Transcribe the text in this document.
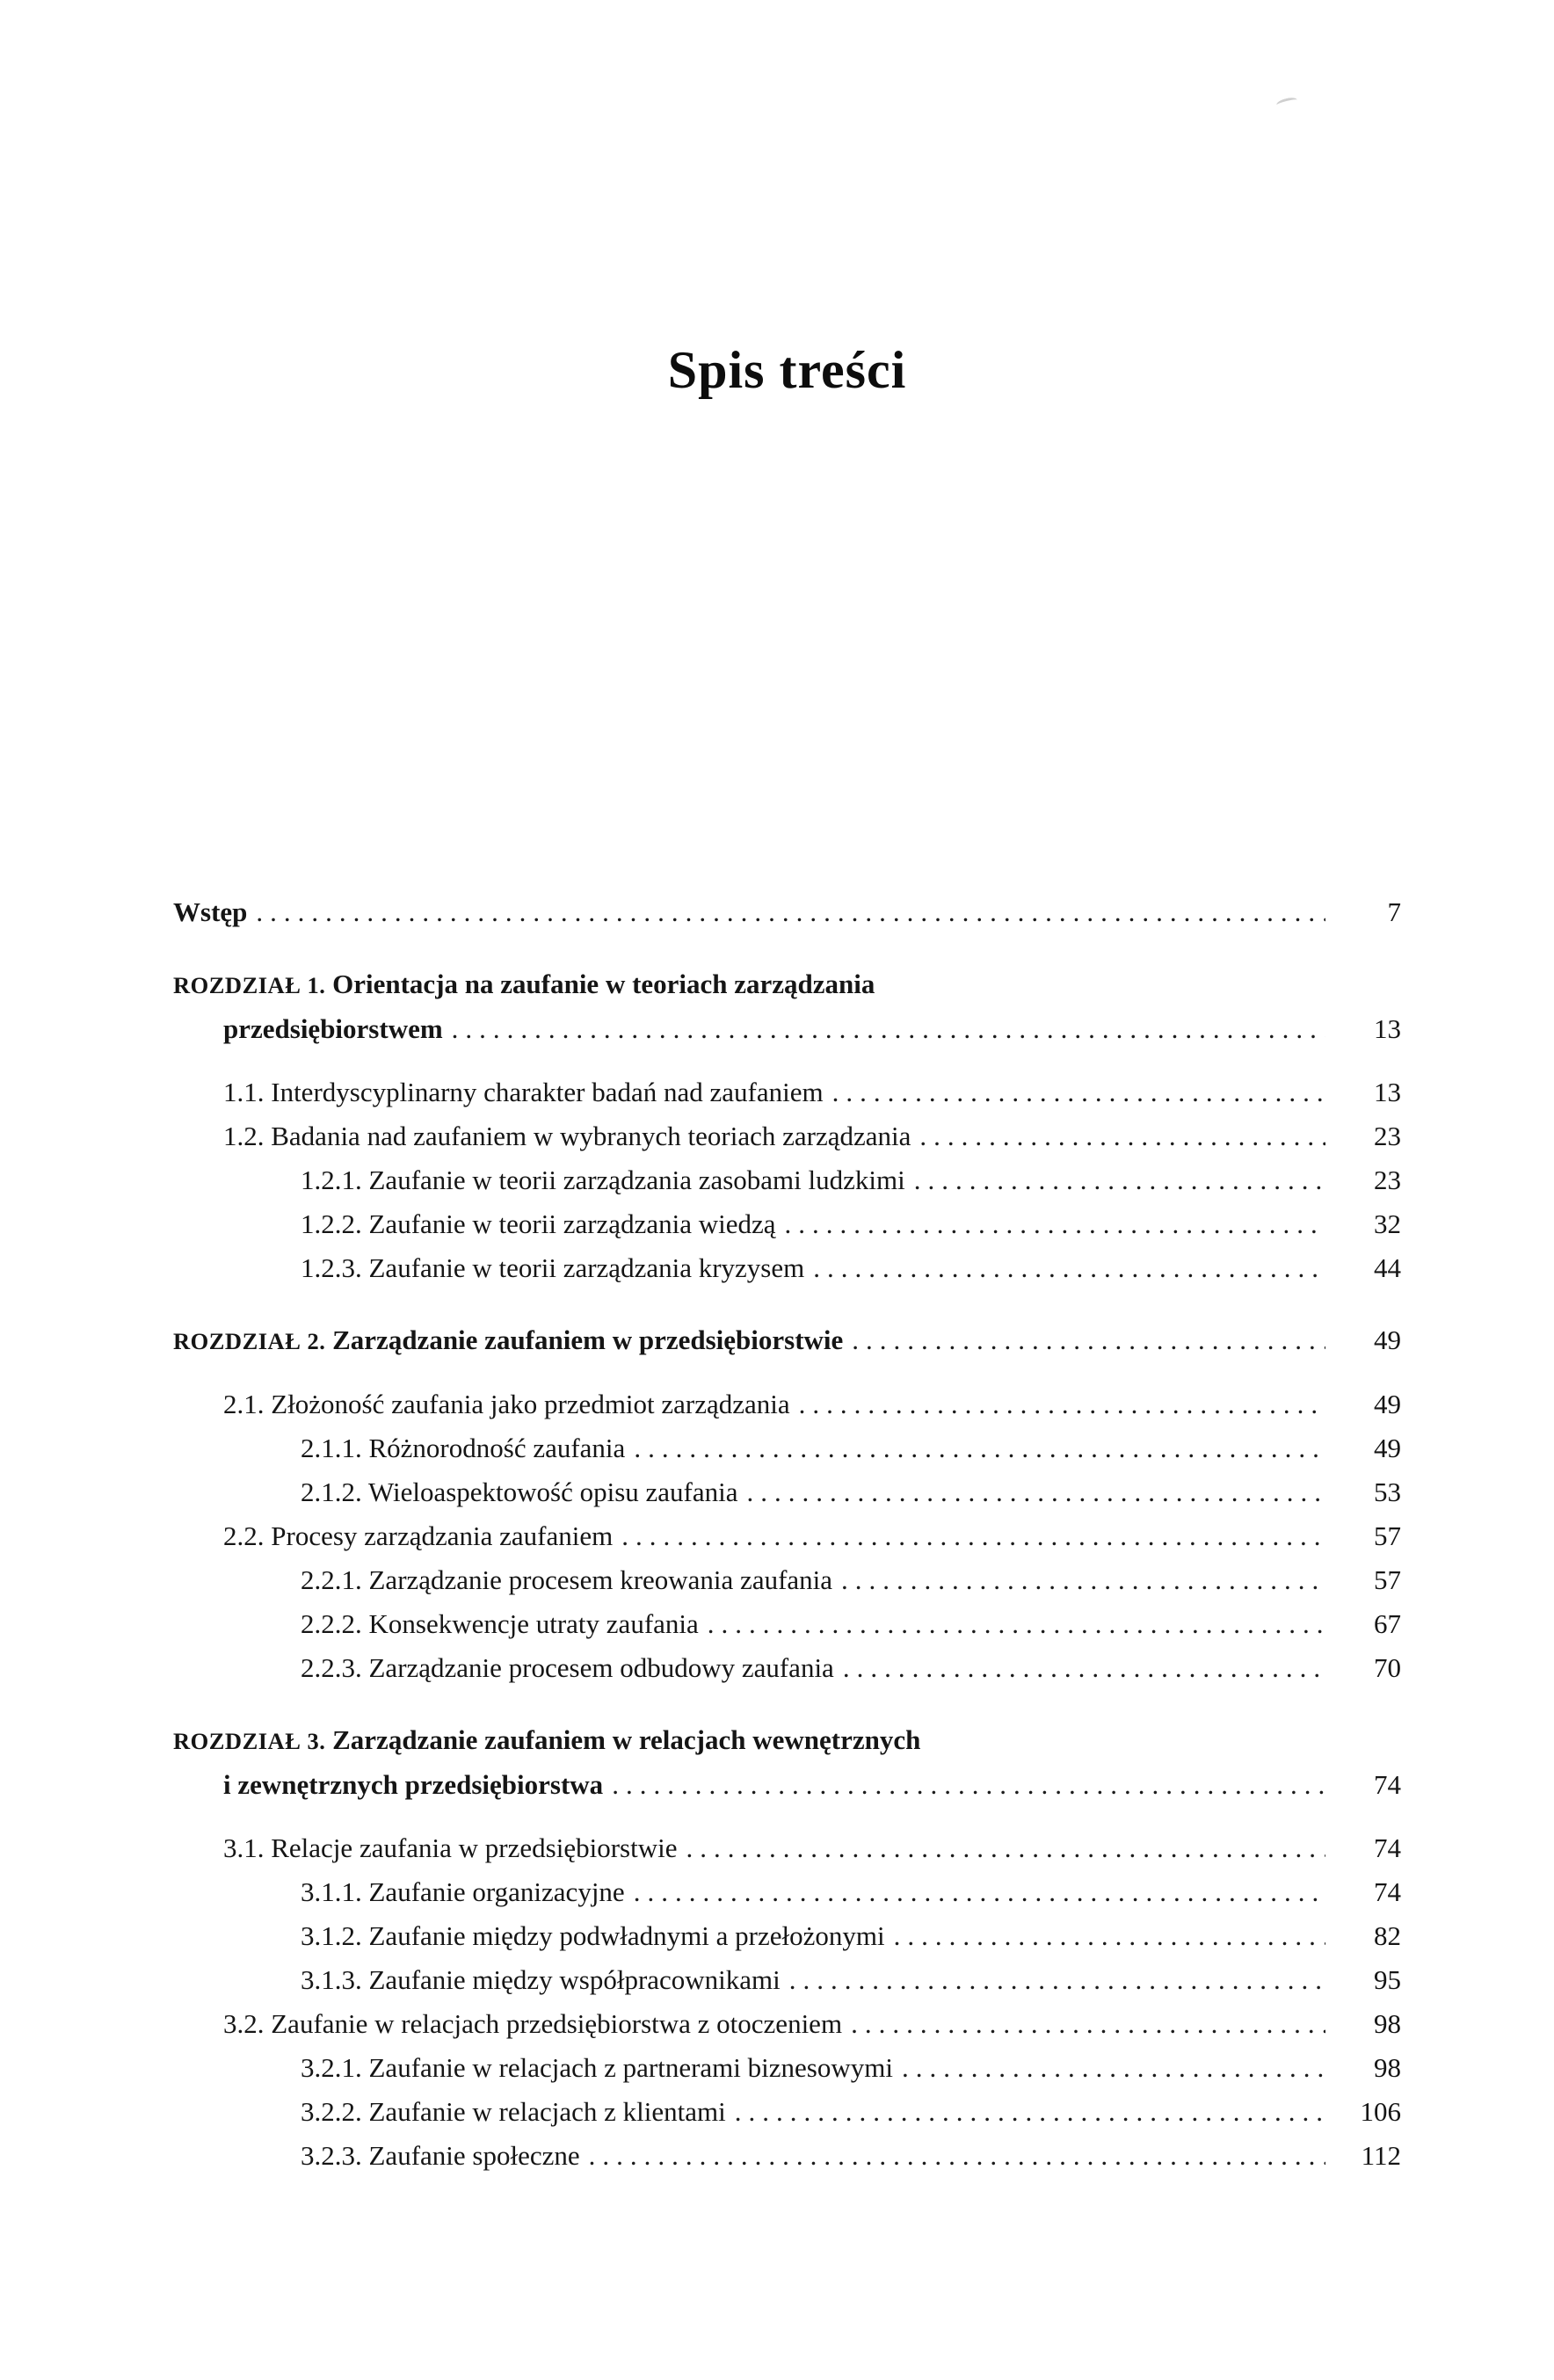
Spis treści
Wstęp .....	7
ROZDZIAŁ 1. Orientacja na zaufanie w teoriach zarządzania
przedsiębiorstwem .....	13
1.1. Interdyscyplinarny charakter badań nad zaufaniem .....	13
1.2. Badania nad zaufaniem w wybranych teoriach zarządzania .....	23
1.2.1. Zaufanie w teorii zarządzania zasobami ludzkimi .....	23
1.2.2. Zaufanie w teorii zarządzania wiedzą .....	32
1.2.3. Zaufanie w teorii zarządzania kryzysem .....	44
ROZDZIAŁ 2. Zarządzanie zaufaniem w przedsiębiorstwie .....	49
2.1. Złożoność zaufania jako przedmiot zarządzania .....	49
2.1.1. Różnorodność zaufania .....	49
2.1.2. Wieloaspektowość opisu zaufania .....	53
2.2. Procesy zarządzania zaufaniem .....	57
2.2.1. Zarządzanie procesem kreowania zaufania .....	57
2.2.2. Konsekwencje utraty zaufania .....	67
2.2.3. Zarządzanie procesem odbudowy zaufania .....	70
ROZDZIAŁ 3. Zarządzanie zaufaniem w relacjach wewnętrznych
i zewnętrznych przedsiębiorstwa .....	74
3.1. Relacje zaufania w przedsiębiorstwie .....	74
3.1.1. Zaufanie organizacyjne .....	74
3.1.2. Zaufanie między podwładnymi a przełożonymi .....	82
3.1.3. Zaufanie między współpracownikami .....	95
3.2. Zaufanie w relacjach przedsiębiorstwa z otoczeniem .....	98
3.2.1. Zaufanie w relacjach z partnerami biznesowymi .....	98
3.2.2. Zaufanie w relacjach z klientami .....	106
3.2.3. Zaufanie społeczne .....	112
